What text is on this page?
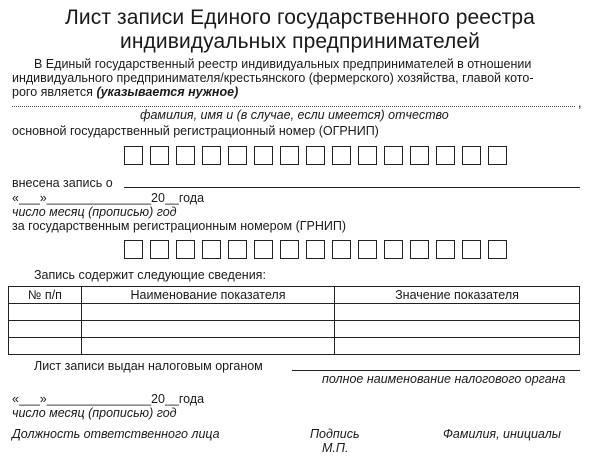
Лист записи Единого государственного реестра
индивидуальных предпринимателей
В Единый государственный реестр индивидуальных предпринимателей в отношении
индивидуального предпринимателя/крестьянского (фермерского) хозяйства, главой кото-
рого является (указывается нужное)
,
фамилия, имя и (в случае, если имеется) отчество
основной государственный регистрационный номер (ОГРНИП)
внесена запись о
«___»_______________20__года
число месяц (прописью) год
за государственным регистрационным номером (ГРНИП)
Запись содержит следующие сведения:
№ п/п	Наименование показателя	Значение показателя

Лист записи выдан налоговым органом
полное наименование налогового органа
«___»_______________20__года
число месяц (прописью) год
Должность ответственного лица	Подпись
М.П.
Фамилия, инициалы
